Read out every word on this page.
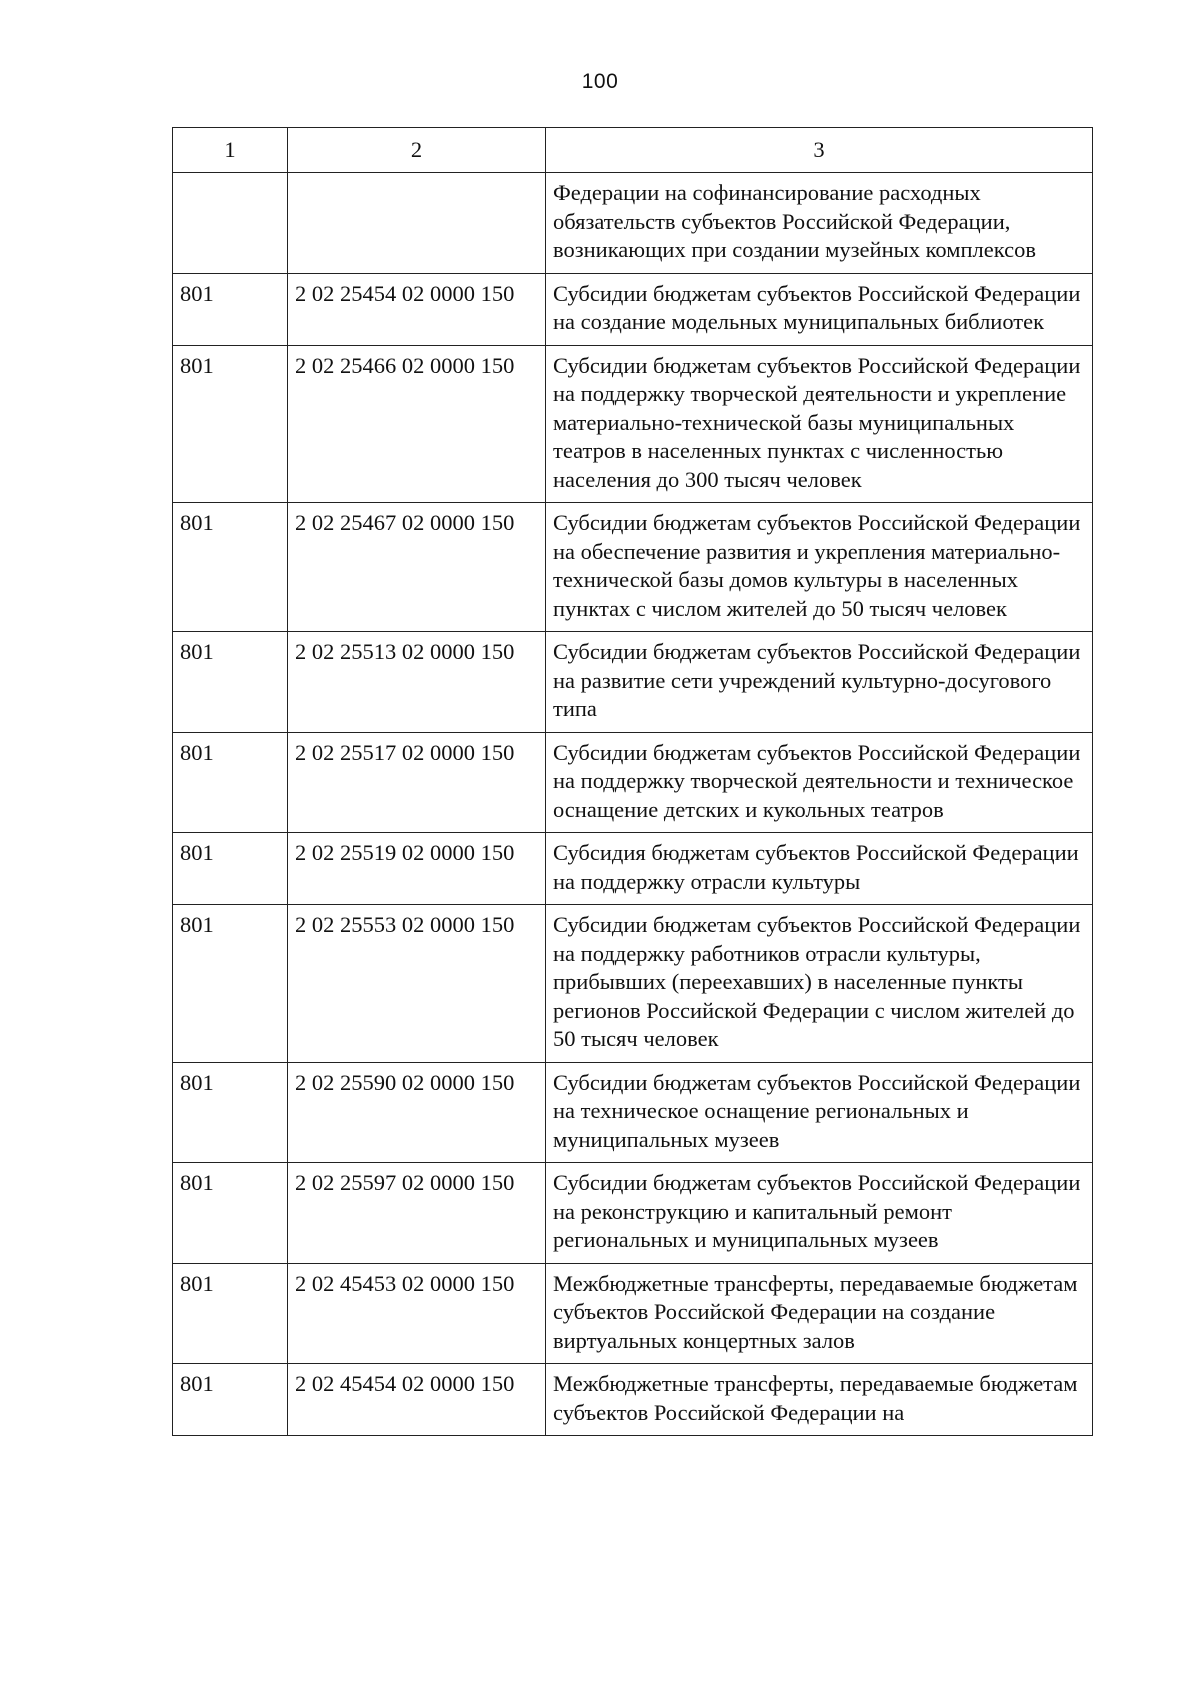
100
1	2	3
		Федерации на софинансирование расходных обязательств субъектов Российской Федерации, возникающих при создании музейных комплексов
801	2 02 25454 02 0000 150	Субсидии бюджетам субъектов Российской Федерации на создание модельных муниципальных библиотек
801	2 02 25466 02 0000 150	Субсидии бюджетам субъектов Российской Федерации на поддержку творческой деятельности и укрепление материально-технической базы муниципальных театров в населенных пунктах с численностью населения до 300 тысяч человек
801	2 02 25467 02 0000 150	Субсидии бюджетам субъектов Российской Федерации на обеспечение развития и укрепления материально-технической базы домов культуры в населенных пунктах с числом жителей до 50 тысяч человек
801	2 02 25513 02 0000 150	Субсидии бюджетам субъектов Российской Федерации на развитие сети учреждений культурно-досугового типа
801	2 02 25517 02 0000 150	Субсидии бюджетам субъектов Российской Федерации на поддержку творческой деятельности и техническое оснащение детских и кукольных театров
801	2 02 25519 02 0000 150	Субсидия бюджетам субъектов Российской Федерации на поддержку отрасли культуры
801	2 02 25553 02 0000 150	Субсидии бюджетам субъектов Российской Федерации на поддержку работников отрасли культуры, прибывших (переехавших) в населенные пункты регионов Российской Федерации с числом жителей до 50 тысяч человек
801	2 02 25590 02 0000 150	Субсидии бюджетам субъектов Российской Федерации на техническое оснащение региональных и муниципальных музеев
801	2 02 25597 02 0000 150	Субсидии бюджетам субъектов Российской Федерации на реконструкцию и капитальный ремонт региональных и муниципальных музеев
801	2 02 45453 02 0000 150	Межбюджетные трансферты, передаваемые бюджетам субъектов Российской Федерации на создание виртуальных концертных залов
801	2 02 45454 02 0000 150	Межбюджетные трансферты, передаваемые бюджетам субъектов Российской Федерации на
